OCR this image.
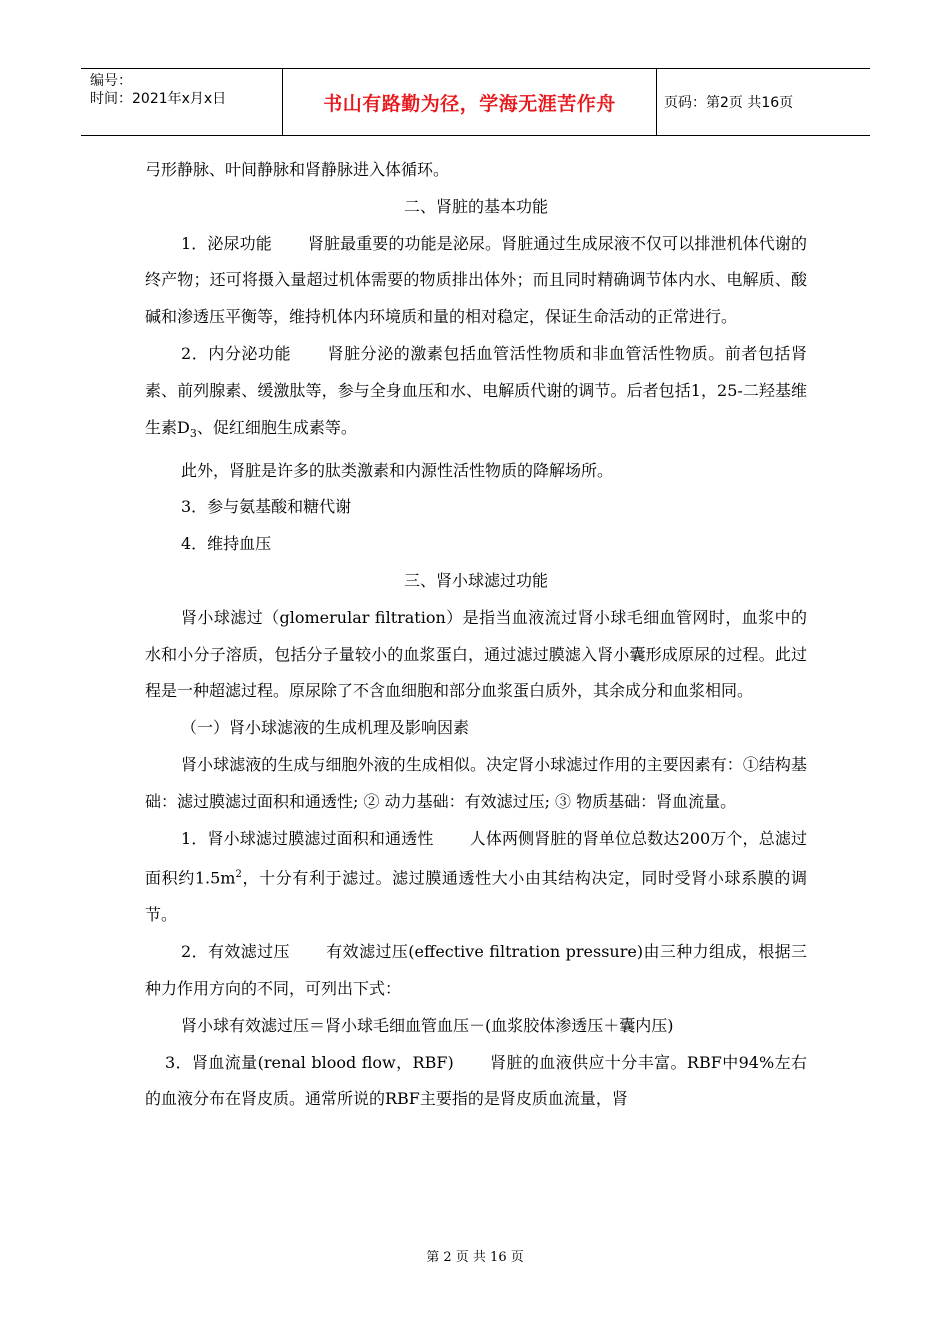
编号：
时间：2021年x月x日	书山有路勤为径，学海无涯苦作舟	页码：第2页 共16页

弓形静脉、叶间静脉和肾静脉进入体循环。

二、肾脏的基本功能

1．泌尿功能 肾脏最重要的功能是泌尿。肾脏通过生成尿液不仅可以排泄机体代谢的终产物；还可将摄入量超过机体需要的物质排出体外；而且同时精确调节体内水、电解质、酸碱和渗透压平衡等，维持机体内环境质和量的相对稳定，保证生命活动的正常进行。

2．内分泌功能 肾脏分泌的激素包括血管活性物质和非血管活性物质。前者包括肾素、前列腺素、缓激肽等，参与全身血压和水、电解质代谢的调节。后者包括1，25-二羟基维生素$D_3$、促红细胞生成素等。

此外，肾脏是许多的肽类激素和内源性活性物质的降解场所。

3．参与氨基酸和糖代谢

4．维持血压

三、肾小球滤过功能

肾小球滤过（glomerular filtration）是指当血液流过肾小球毛细血管网时，血浆中的水和小分子溶质，包括分子量较小的血浆蛋白，通过滤过膜滤入肾小囊形成原尿的过程。此过程是一种超滤过程。原尿除了不含血细胞和部分血浆蛋白质外，其余成分和血浆相同。

（一）肾小球滤液的生成机理及影响因素

肾小球滤液的生成与细胞外液的生成相似。决定肾小球滤过作用的主要因素有：①结构基础：滤过膜滤过面积和通透性; ② 动力基础：有效滤过压; ③ 物质基础：肾血流量。

1．肾小球滤过膜滤过面积和通透性 人体两侧肾脏的肾单位总数达200万个，总滤过面积约$1.5m^2$，十分有利于滤过。滤过膜通透性大小由其结构决定，同时受肾小球系膜的调节。

2．有效滤过压 有效滤过压(effective filtration pressure)由三种力组成，根据三种力作用方向的不同，可列出下式：

肾小球有效滤过压＝肾小球毛细血管血压－(血浆胶体渗透压＋囊内压)

3．肾血流量(renal blood flow，RBF) 肾脏的血液供应十分丰富。RBF中94%左右的血液分布在肾皮质。通常所说的RBF主要指的是肾皮质血流量，肾

第 2 页 共 16 页
